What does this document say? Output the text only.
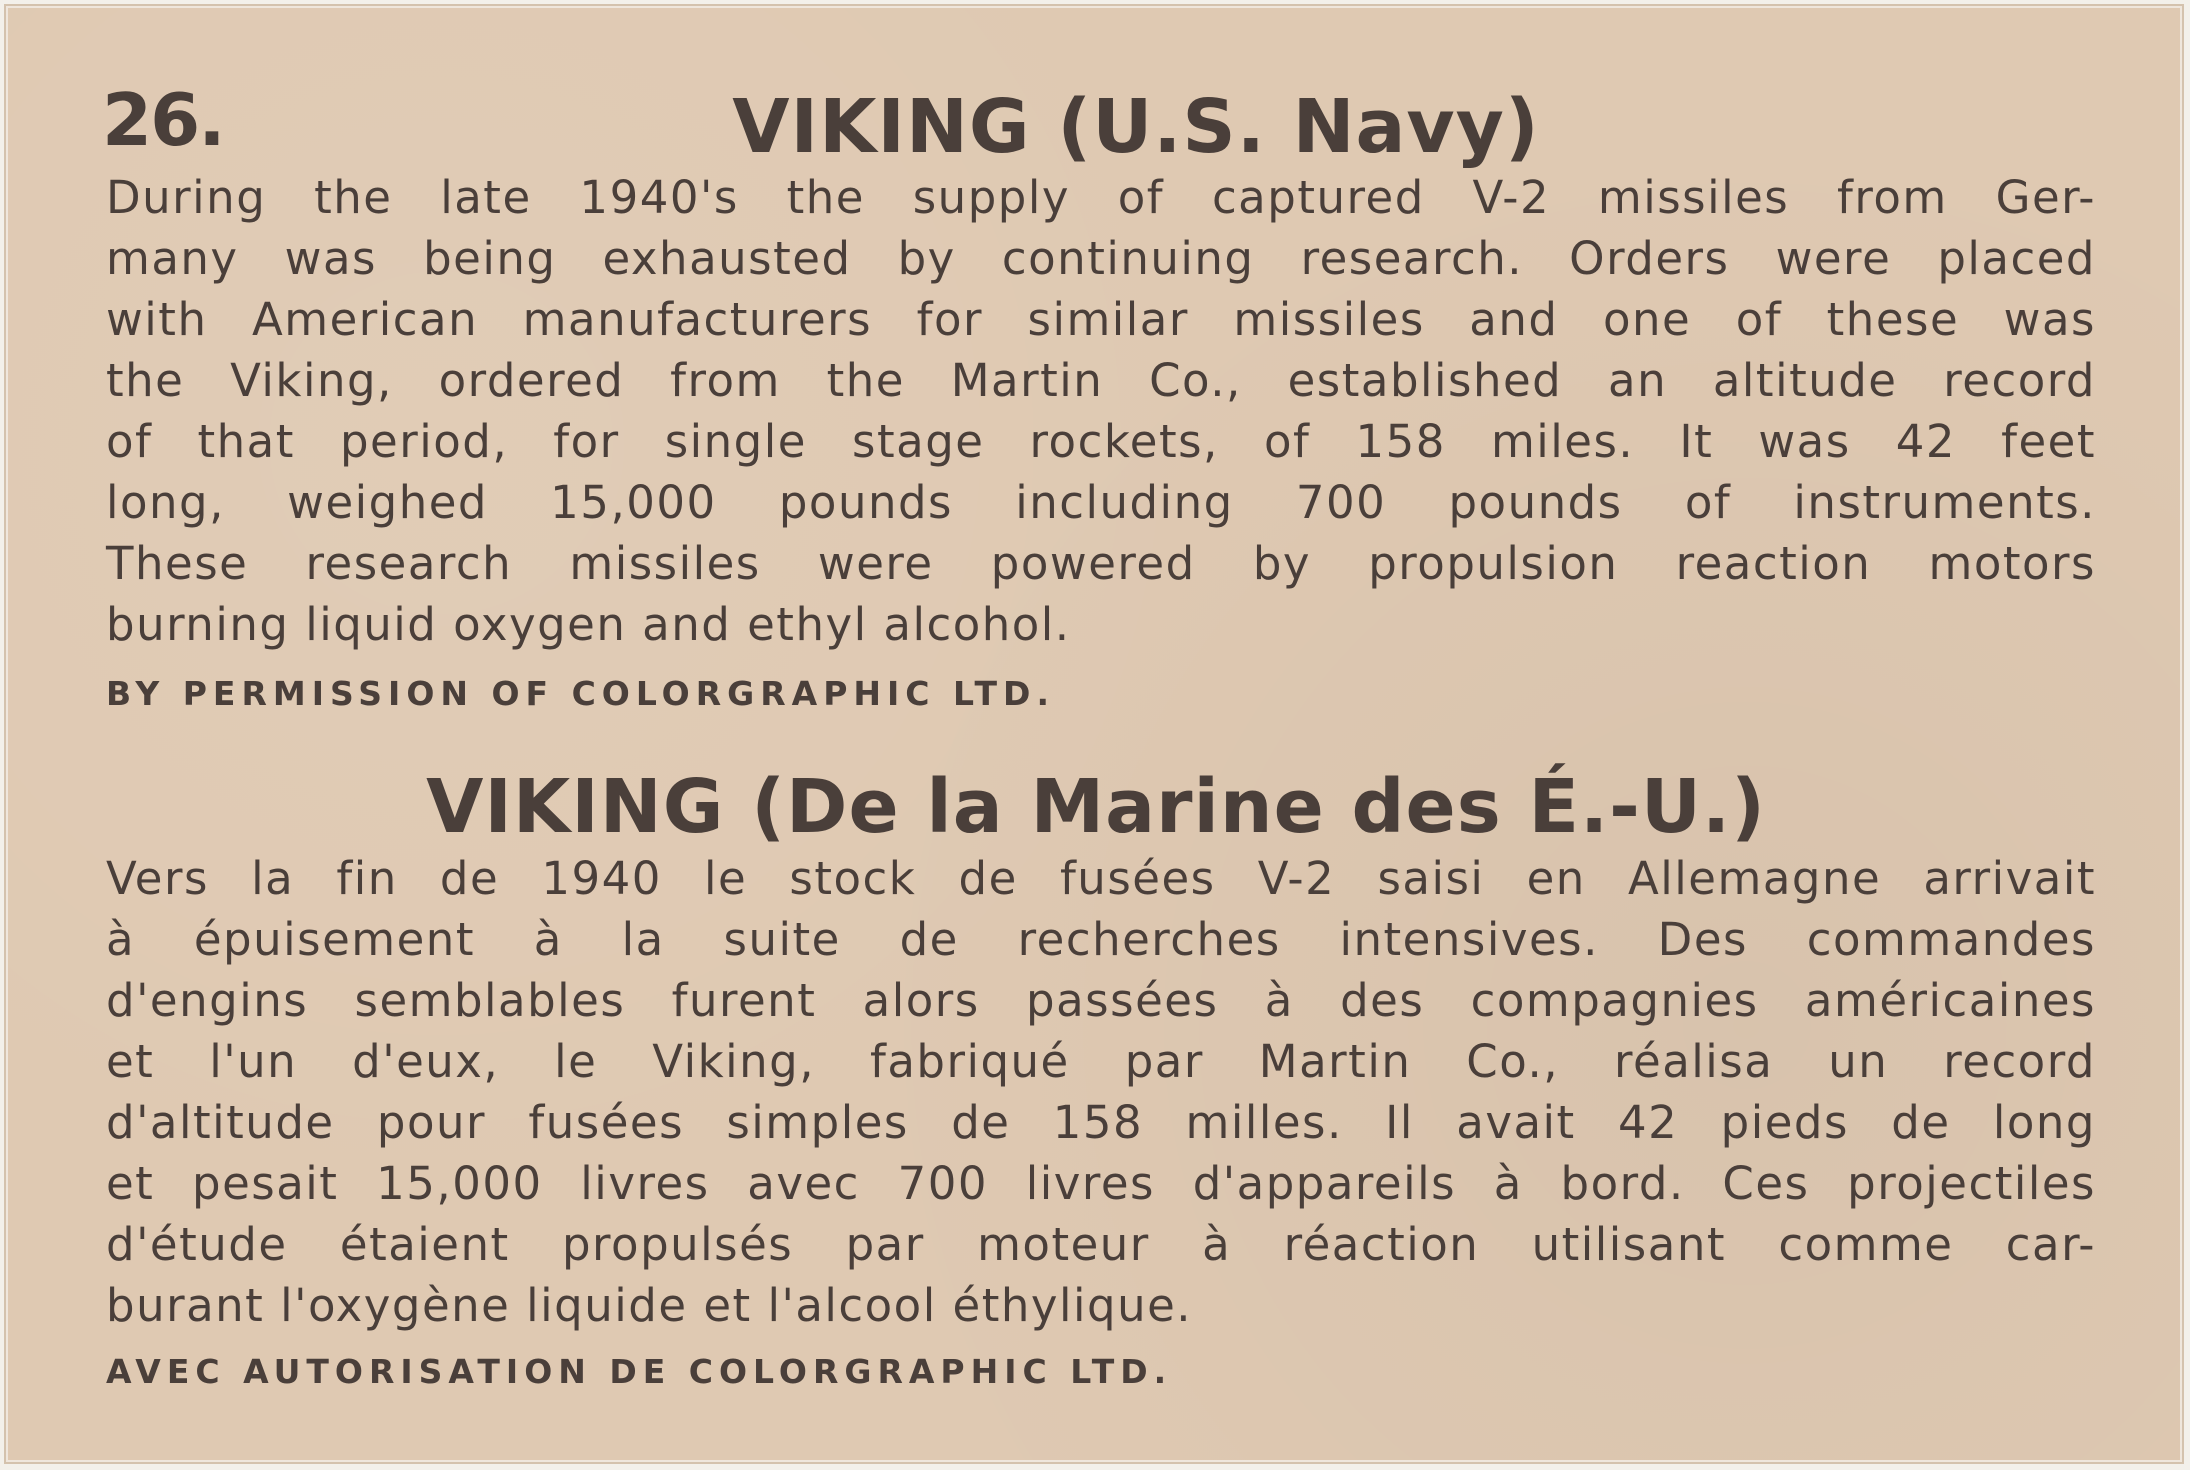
26.	VIKING (U.S. Navy)
During the late 1940's the supply of captured V-2 missiles from Ger-
many was being exhausted by continuing research. Orders were placed
with American manufacturers for similar missiles and one of these was
the Viking, ordered from the Martin Co., established an altitude record
of that period, for single stage rockets, of 158 miles. It was 42 feet
long, weighed 15,000 pounds including 700 pounds of instruments.
These research missiles were powered by propulsion reaction motors
burning liquid oxygen and ethyl alcohol.
BY PERMISSION OF COLORGRAPHIC LTD.
VIKING (De la Marine des É.-U.)
Vers la fin de 1940 le stock de fusées V-2 saisi en Allemagne arrivait
à épuisement à la suite de recherches intensives. Des commandes
d'engins semblables furent alors passées à des compagnies américaines
et l'un d'eux, le Viking, fabriqué par Martin Co., réalisa un record
d'altitude pour fusées simples de 158 milles. Il avait 42 pieds de long
et pesait 15,000 livres avec 700 livres d'appareils à bord. Ces projectiles
d'étude étaient propulsés par moteur à réaction utilisant comme car-
burant l'oxygène liquide et l'alcool éthylique.
AVEC AUTORISATION DE COLORGRAPHIC LTD.
